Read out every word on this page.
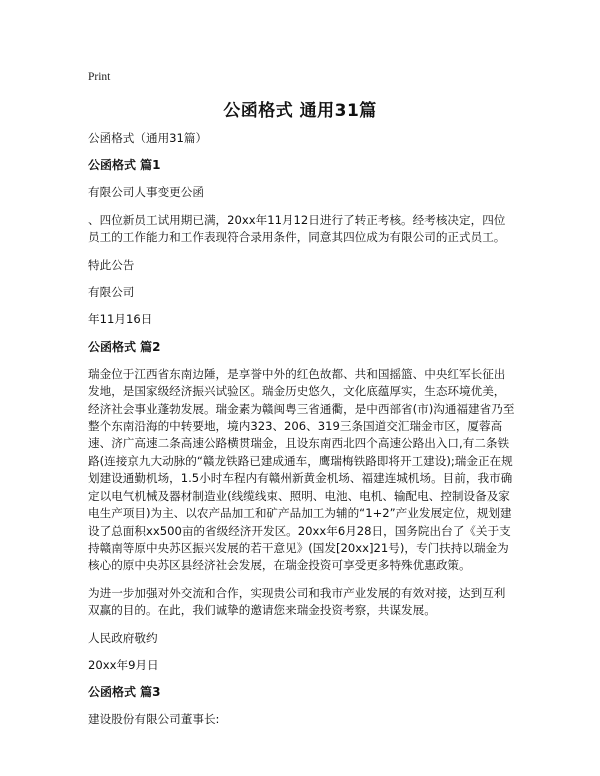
Print
公函格式 通用31篇
公函格式（通用31篇）
公函格式 篇1
有限公司人事变更公函
、四位新员工试用期已满，20xx年11月12日进行了转正考核。经考核决定，四位员工的工作能力和工作表现符合录用条件，同意其四位成为有限公司的正式员工。
特此公告
有限公司
年11月16日
公函格式 篇2
瑞金位于江西省东南边陲，是享誉中外的红色故都、共和国摇篮、中央红军长征出发地，是国家级经济振兴试验区。瑞金历史悠久，文化底蕴厚实，生态环境优美，经济社会事业蓬勃发展。瑞金素为赣闽粤三省通衢，是中西部省(市)沟通福建省乃至整个东南沿海的中转要地，境内323、206、319三条国道交汇瑞金市区，厦蓉高速、济广高速二条高速公路横贯瑞金，且设东南西北四个高速公路出入口,有二条铁路(连接京九大动脉的“赣龙铁路已建成通车，鹰瑞梅铁路即将开工建设);瑞金正在规划建设通勤机场，1.5小时车程内有赣州新黄金机场、福建连城机场。目前，我市确定以电气机械及器材制造业(线缆线束、照明、电池、电机、输配电、控制设备及家电生产项目)为主、以农产品加工和矿产品加工为辅的“1+2”产业发展定位，规划建设了总面积xx500亩的省级经济开发区。20xx年6月28日，国务院出台了《关于支持赣南等原中央苏区振兴发展的若干意见》(国发[20xx]21号)，专门扶持以瑞金为核心的原中央苏区县经济社会发展，在瑞金投资可享受更多特殊优惠政策。
为进一步加强对外交流和合作，实现贵公司和我市产业发展的有效对接，达到互利双赢的目的。在此，我们诚挚的邀请您来瑞金投资考察，共谋发展。
人民政府敬约
20xx年9月日
公函格式 篇3
建设股份有限公司董事长:
